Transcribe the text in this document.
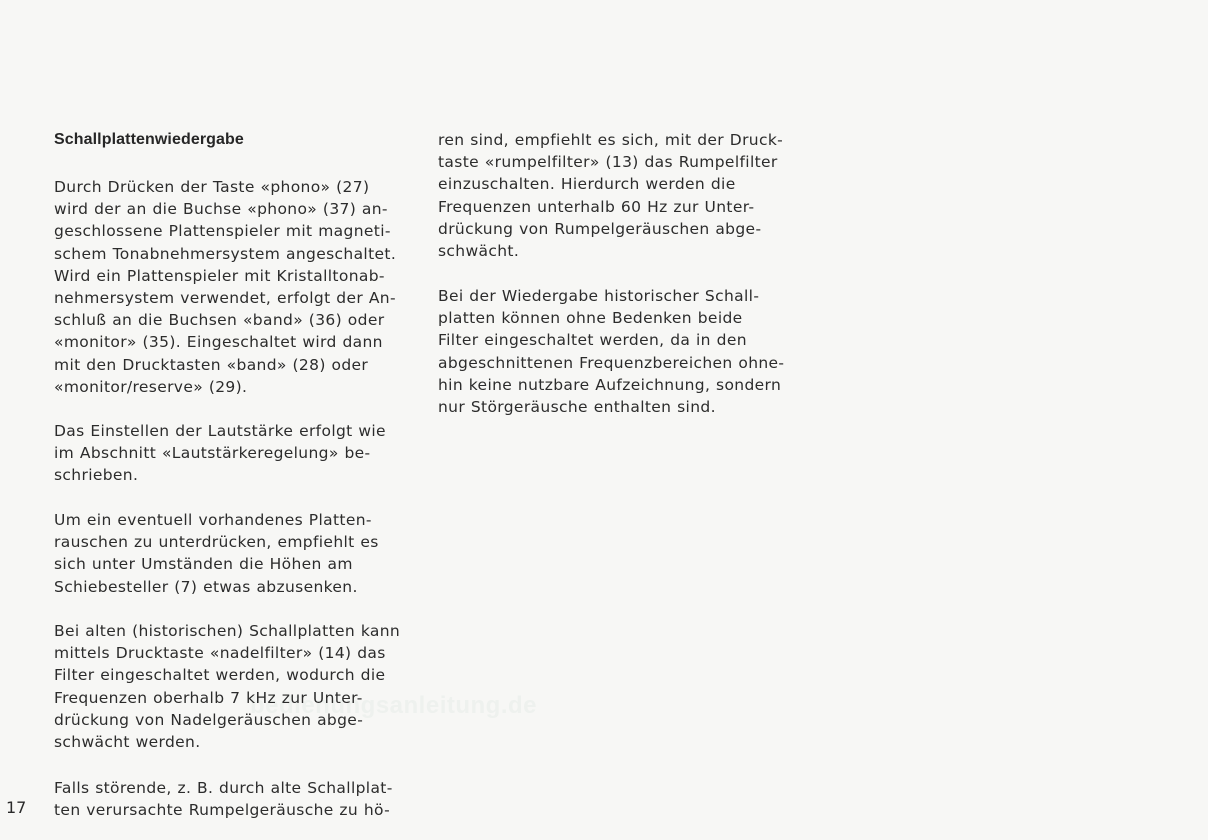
bedienungsanleitung.de
Schallplattenwiedergabe

Durch Drücken der Taste «phono» (27)
wird der an die Buchse «phono» (37) an-
geschlossene Plattenspieler mit magneti-
schem Tonabnehmersystem angeschaltet.
Wird ein Plattenspieler mit Kristalltonab-
nehmersystem verwendet, erfolgt der An-
schluß an die Buchsen «band» (36) oder
«monitor» (35). Eingeschaltet wird dann
mit den Drucktasten «band» (28) oder
«monitor/reserve» (29).

Das Einstellen der Lautstärke erfolgt wie
im Abschnitt «Lautstärkeregelung» be-
schrieben.

Um ein eventuell vorhandenes Platten-
rauschen zu unterdrücken, empfiehlt es
sich unter Umständen die Höhen am
Schiebesteller (7) etwas abzusenken.

Bei alten (historischen) Schallplatten kann
mittels Drucktaste «nadelfilter» (14) das
Filter eingeschaltet werden, wodurch die
Frequenzen oberhalb 7 kHz zur Unter-
drückung von Nadelgeräuschen abge-
schwächt werden.

Falls störende, z. B. durch alte Schallplat-
ten verursachte Rumpelgeräusche zu hö-

ren sind, empfiehlt es sich, mit der Druck-
taste «rumpelfilter» (13) das Rumpelfilter
einzuschalten. Hierdurch werden die
Frequenzen unterhalb 60 Hz zur Unter-
drückung von Rumpelgeräuschen abge-
schwächt.

Bei der Wiedergabe historischer Schall-
platten können ohne Bedenken beide
Filter eingeschaltet werden, da in den
abgeschnittenen Frequenzbereichen ohne-
hin keine nutzbare Aufzeichnung, sondern
nur Störgeräusche enthalten sind.

17
